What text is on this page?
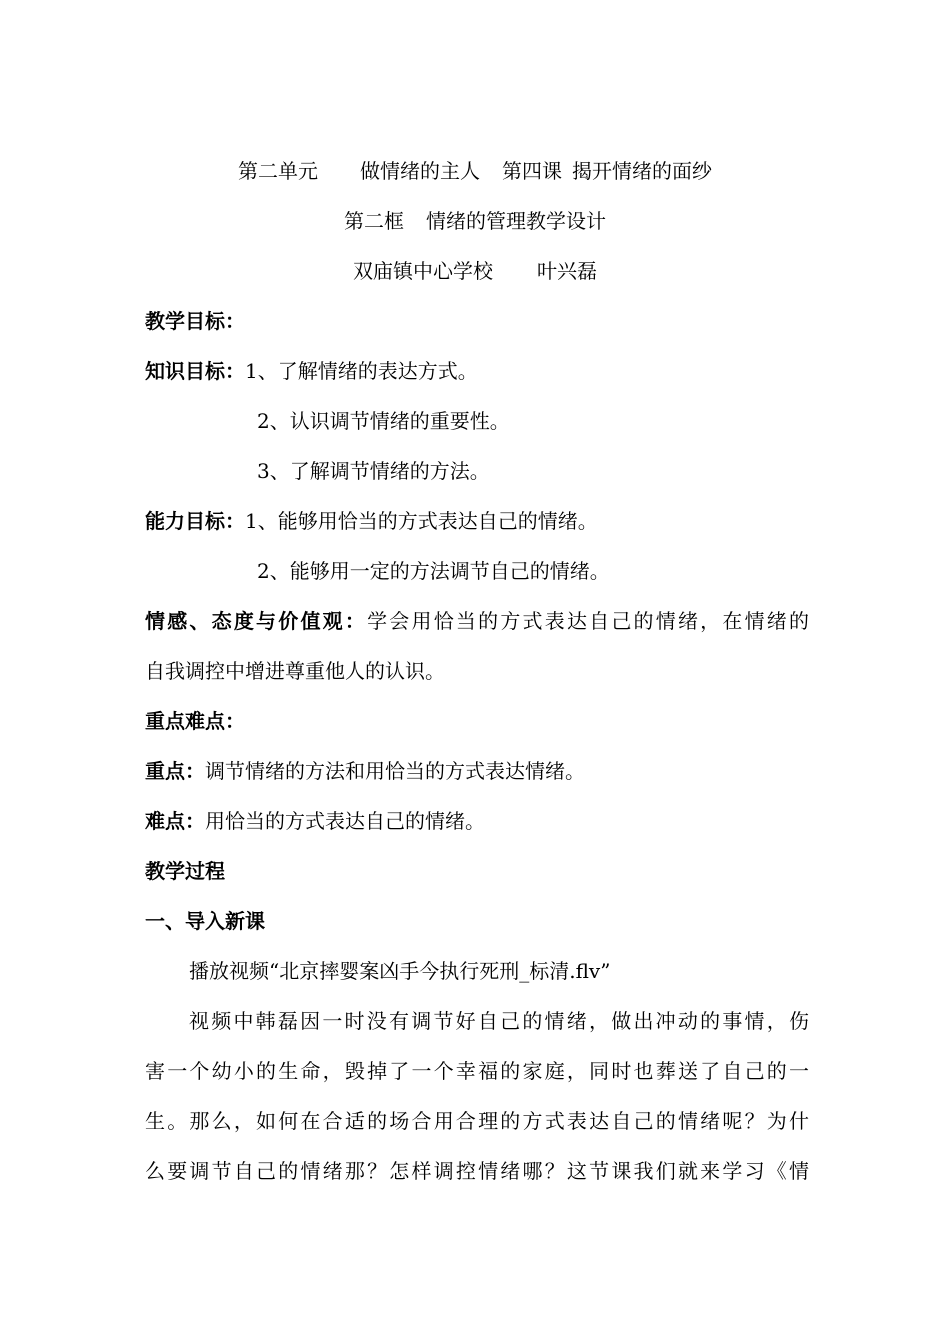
第二单元 做情绪的主人 第四课 揭开情绪的面纱
第二框 情绪的管理教学设计
双庙镇中心学校 叶兴磊
教学目标：
知识目标：1、了解情绪的表达方式。
2、认识调节情绪的重要性。
3、了解调节情绪的方法。
能力目标：1、能够用恰当的方式表达自己的情绪。
2、能够用一定的方法调节自己的情绪。
情感、态度与价值观：学会用恰当的方式表达自己的情绪，在情绪的
自我调控中增进尊重他人的认识。
重点难点：
重点：调节情绪的方法和用恰当的方式表达情绪。
难点：用恰当的方式表达自己的情绪。
教学过程
一、导入新课
播放视频“北京摔婴案凶手今执行死刑_标清.flv”
视频中韩磊因一时没有调节好自己的情绪，做出冲动的事情，伤
害一个幼小的生命，毁掉了一个幸福的家庭，同时也葬送了自己的一
生。那么，如何在合适的场合用合理的方式表达自己的情绪呢？为什
么要调节自己的情绪那？怎样调控情绪哪？这节课我们就来学习《情
